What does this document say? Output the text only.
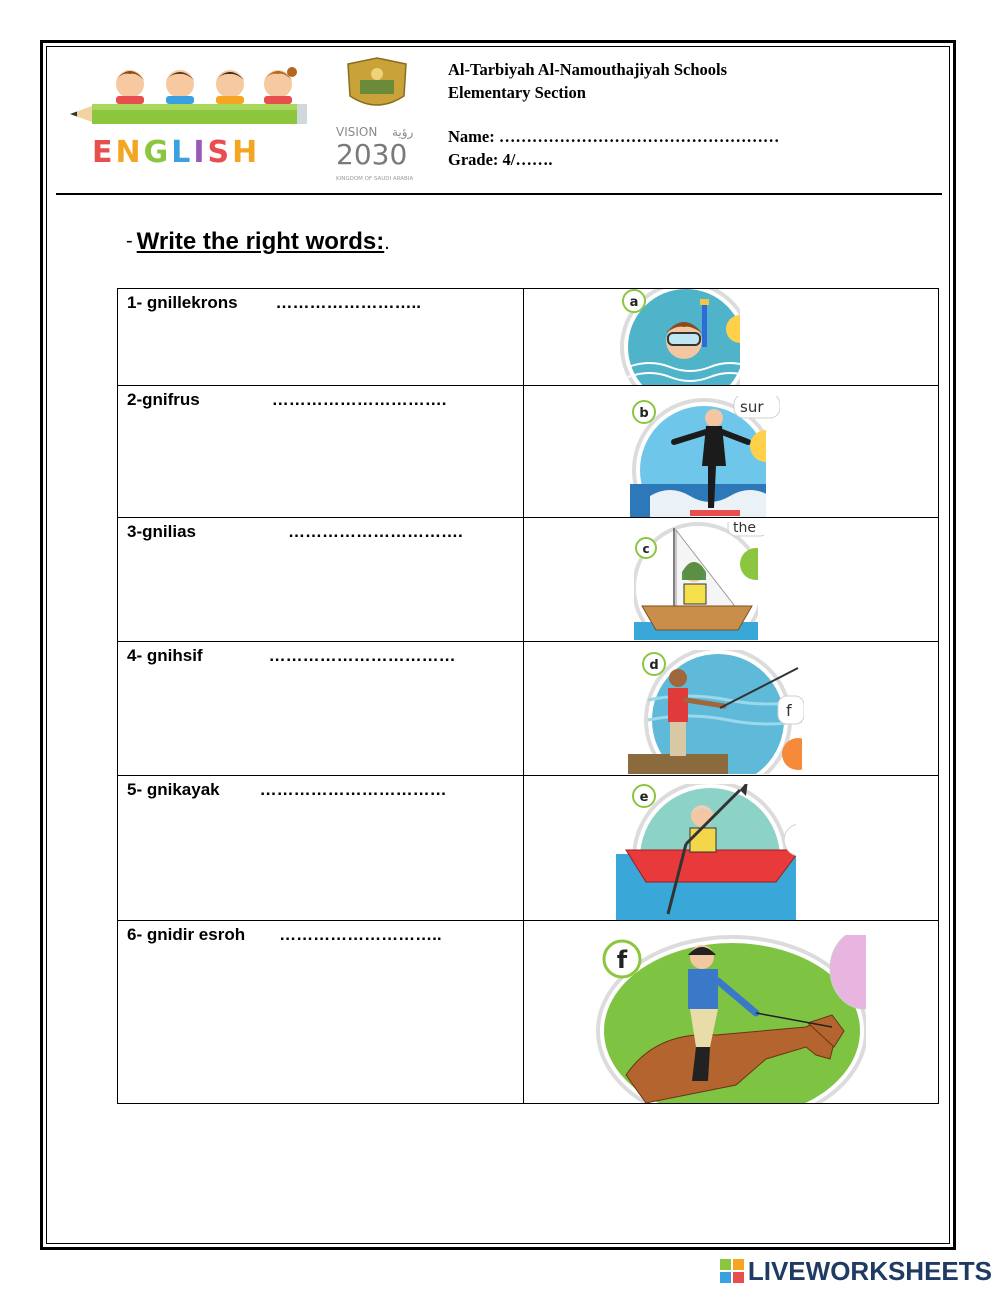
ENGLISH
VISION رؤية
2030
KINGDOM OF SAUDI ARABIA
Al-Tarbiyah Al-Namouthajiyah Schools
Elementary Section
Name: ……………………………………………
Grade: 4/…….
- Write the right words:.
1- gnillekrons ……………………..	a

2-gnifrus ………………………….	sur
b

3-gnilias ………………………….	the
c

4- gnihsif ……………………………	f
d

5- gnikayak ……………………………	e

6- gnidir esroh ………………………..	f
LIVEWORKSHEETS
